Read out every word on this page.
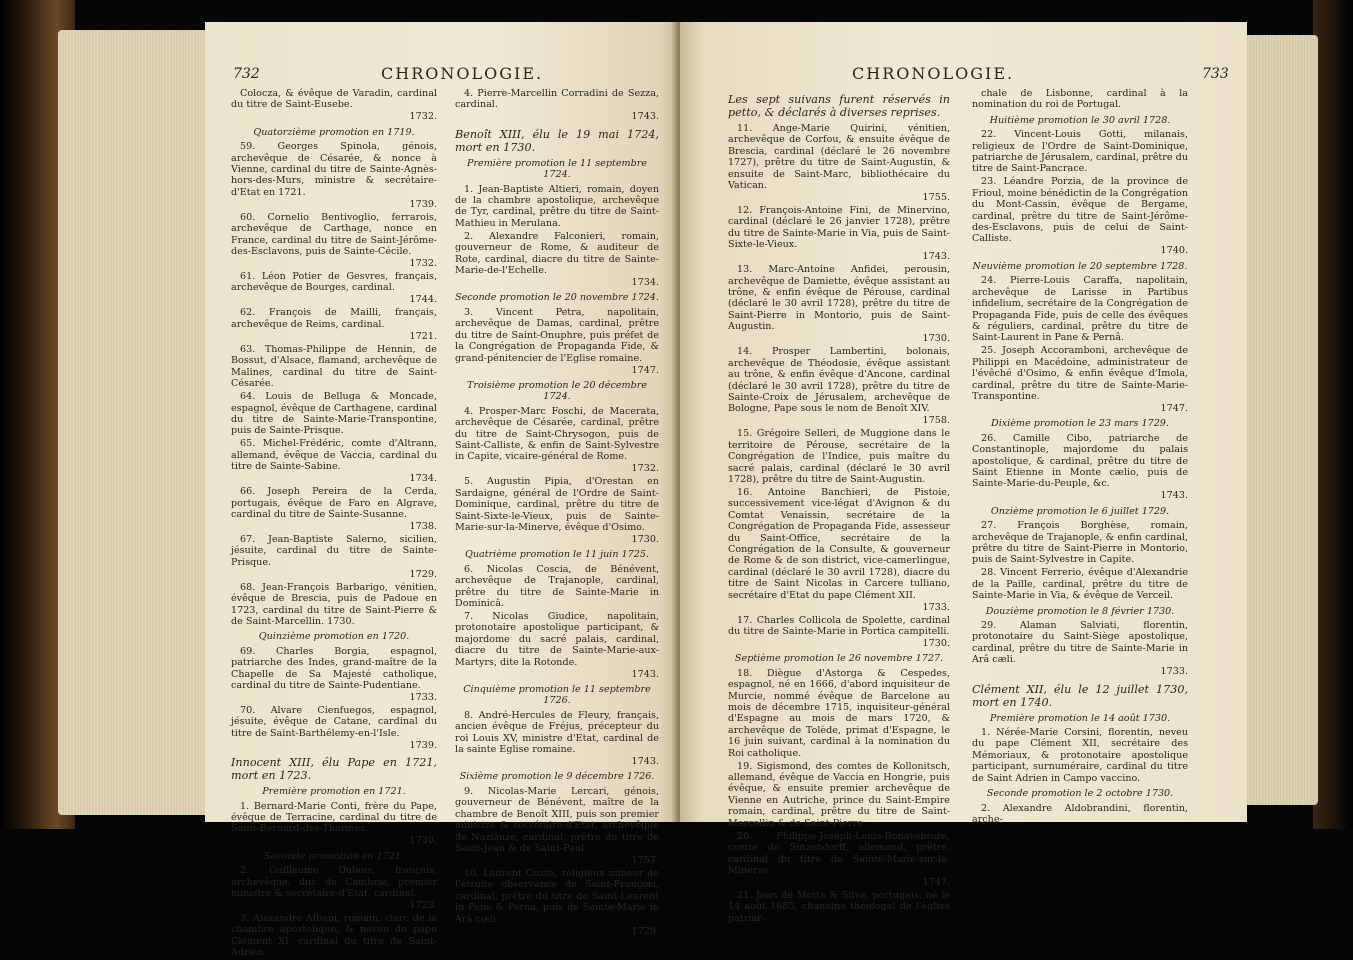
732	CHRONOLOGIE.

Colocza, & évêque de Varadin, cardinal du titre de Saint-Eusebe.

1732.

Quatorzième promotion en 1719.

59. Georges Spinola, génois, archevêque de Césarée, & nonce à Vienne, cardinal du titre de Sainte-Agnès-hors-des-Murs, ministre & secrétaire-d'Etat en 1721.

1739.

60. Cornelio Bentivoglio, ferrarois, archevêque de Carthage, nonce en France, cardinal du titre de Saint-Jérôme-des-Esclavons, puis de Sainte-Cécile.

1732.

61. Léon Potier de Gesvres, français, archevêque de Bourges, cardinal.

1744.

62. François de Mailli, français, archevêque de Reims, cardinal.

1721.

63. Thomas-Philippe de Hennin, de Bossut, d'Alsace, flamand, archevêque de Malines, cardinal du titre de Saint-Césarée.

64. Louis de Belluga & Moncade, espagnol, évêque de Carthagene, cardinal du titre de Sainte-Marie-Transpontine, puis de Sainte-Prisque.

65. Michel-Frédéric, comte d'Altrann, allemand, évêque de Vaccia, cardinal du titre de Sainte-Sabine.

1734.

66. Joseph Pereira de la Cerda, portugais, évêque de Faro en Algrave, cardinal du titre de Sainte-Susanne.

1738.

67. Jean-Baptiste Salerno, sicilien, jésuite, cardinal du titre de Sainte-Prisque.

1729.

68. Jean-François Barbarigo, vénitien, évêque de Brescia, puis de Padoue en 1723, cardinal du titre de Saint-Pierre & de Saint-Marcellin. 1730.

Quinzième promotion en 1720.

69. Charles Borgia, espagnol, patriarche des Indes, grand-maître de la Chapelle de Sa Majesté catholique, cardinal du titre de Sainte-Pudentiane.

1733.

70. Alvare Cienfuegos, espagnol, jésuite, évêque de Catane, cardinal du titre de Saint-Barthélemy-en-l'Isle.

1739.

Innocent XIII, élu Pape en 1721, mort en 1723.

Première promotion en 1721.

1. Bernard-Marie Conti, frère du Pape, évêque de Terracine, cardinal du titre de Saint-Bernard-des-Thermes.

1730.

Seconde promotion en 1721.

2. Guillaume Dubois, français, archevêque, duc de Cambrai, premier ministre & secrétaire-d'Etat, cardinal.

1723.

3. Alexandre Albani, romain, clerc de la chambre apostolique, & neveu du pape Clément XI, cardinal du titre de Saint-Adrien.

4. Pierre-Marcellin Corradini de Sezza, cardinal.

1743.

Benoît XIII, élu le 19 mai 1724, mort en 1730.

Première promotion le 11 septembre 1724.

1. Jean-Baptiste Altieri, romain, doyen de la chambre apostolique, archevêque de Tyr, cardinal, prêtre du titre de Saint-Mathieu in Merulana.

2. Alexandre Falconieri, romain, gouverneur de Rome, & auditeur de Rote, cardinal, diacre du titre de Sainte-Marie-de-l'Echelle.

1734.

Seconde promotion le 20 novembre 1724.

3. Vincent Petra, napolitain, archevêque de Damas, cardinal, prêtre du titre de Saint-Onuphre, puis préfet de la Congrégation de Propaganda Fide, & grand-pénitencier de l'Eglise romaine.

1747.

Troisième promotion le 20 décembre 1724.

4. Prosper-Marc Foschi, de Macerata, archevêque de Césarée, cardinal, prêtre du titre de Saint-Chrysogon, puis de Saint-Calliste, & enfin de Saint-Sylvestre in Capite, vicaire-général de Rome.

1732.

5. Augustin Pipia, d'Orestan en Sardaigne, général de l'Ordre de Saint-Dominique, cardinal, prêtre du titre de Saint-Sixte-le-Vieux, puis de Sainte-Marie-sur-la-Minerve, évêque d'Osimo.

1730.

Quatrième promotion le 11 juin 1725.

6. Nicolas Coscia, de Bénévent, archevêque de Trajanople, cardinal, prêtre du titre de Sainte-Marie in Dominicâ.

7. Nicolas Giudice, napolitain, protonotaire apostolique participant, & majordome du sacré palais, cardinal, diacre du titre de Sainte-Marie-aux-Martyrs, dite la Rotonde.

1743.

Cinquième promotion le 11 septembre 1726.

8. André-Hercules de Fleury, français, ancien évêque de Fréjus, précepteur du roi Louis XV, ministre d'Etat, cardinal de la sainte Eglise romaine.

1743.

Sixième promotion le 9 décembre 1726.

9. Nicolas-Marie Lercari, génois, gouverneur de Bénévent, maître de la chambre de Benoît XIII, puis son premier ministre & secrétaire-d'Etat, archevêque de Nazianze, cardinal, prêtre du titre de Saint-Jean & de Saint-Paul.

1757.

10. Laurent Cozza, religieux mineur de l'étroite observance de Saint-François, cardinal, prêtre du titre de Saint-Laurent in Pane & Perna, puis de Sainte-Marie in Arâ cœli.

1729.

CHRONOLOGIE.	733

Les sept suivans furent réservés in petto, & déclarés à diverses reprises.

11. Ange-Marie Quirini, vénitien, archevêque de Corfou, & ensuite évêque de Brescia, cardinal (déclaré le 26 novembre 1727), prêtre du titre de Saint-Augustin, & ensuite de Saint-Marc, bibliothécaire du Vatican.

1755.

12. François-Antoine Fini, de Minervino, cardinal (déclaré le 26 janvier 1728), prêtre du titre de Sainte-Marie in Via, puis de Saint-Sixte-le-Vieux.

1743.

13. Marc-Antoine Anfidei, perousin, archevêque de Damiette, évêque assistant au trône, & enfin évêque de Pérouse, cardinal (déclaré le 30 avril 1728), prêtre du titre de Saint-Pierre in Montorio, puis de Saint-Augustin.

1730.

14. Prosper Lambertini, bolonais, archevêque de Théodosie, évêque assistant au trône, & enfin évêque d'Ancone, cardinal (déclaré le 30 avril 1728), prêtre du titre de Sainte-Croix de Jérusalem, archevêque de Bologne, Pape sous le nom de Benoît XIV.

1758.

15. Grégoire Selleri, de Muggione dans le territoire de Pérouse, secrétaire de la Congrégation de l'Indice, puis maître du sacré palais, cardinal (déclaré le 30 avril 1728), prêtre du titre de Saint-Augustin.

16. Antoine Banchieri, de Pistoie, successivement vice-légat d'Avignon & du Comtat Venaissin, secrétaire de la Congrégation de Propaganda Fide, assesseur du Saint-Office, secrétaire de la Congrégation de la Consulte, & gouverneur de Rome & de son district, vice-camerlingue, cardinal (déclaré le 30 avril 1728), diacre du titre de Saint Nicolas in Carcere tulliano, secrétaire d'Etat du pape Clément XII.

1733.

17. Charles Collicola de Spolette, cardinal du titre de Sainte-Marie in Portica campitelli.

1730.

Septième promotion le 26 novembre 1727.

18. Diègue d'Astorga & Cespedes, espagnol, né en 1666, d'abord inquisiteur de Murcie, nommé évêque de Barcelone au mois de décembre 1715, inquisiteur-général d'Espagne au mois de mars 1720, & archevêque de Tolède, primat d'Espagne, le 16 juin suivant, cardinal à la nomination du Roi catholique.

19. Sigismond, des comtes de Kollonitsch, allemand, évêque de Vaccia en Hongrie, puis évêque, & ensuite premier archevêque de Vienne en Autriche, prince du Saint-Empire romain, cardinal, prêtre du titre de Saint-Marcellin & de Saint-Pierre.

20. Philippe-Joseph-Louis-Bonaventure, comte de Sinzendorff, allemand, prêtre, cardinal du titre de Sainte-Marie-sur-la-Minerve.

1747.

21. Jean de Motta & Silva, portugais, né le 14 août 1685, chanoine théologal de l'église patriar-

chale de Lisbonne, cardinal à la nomination du roi de Portugal.

Huitième promotion le 30 avril 1728.

22. Vincent-Louis Gotti, milanais, religieux de l'Ordre de Saint-Dominique, patriarche de Jérusalem, cardinal, prêtre du titre de Saint-Pancrace.

23. Léandre Porzia, de la province de Frioul, moine bénédictin de la Congrégation du Mont-Cassin, évêque de Bergame, cardinal, prêtre du titre de Saint-Jérôme-des-Esclavons, puis de celui de Saint-Calliste.

1740.

Neuvième promotion le 20 septembre 1728.

24. Pierre-Louis Caraffa, napolitain, archevêque de Larisse in Partibus infidelium, secrétaire de la Congrégation de Propaganda Fide, puis de celle des évêques & réguliers, cardinal, prêtre du titre de Saint-Laurent in Pane & Pernâ.

25. Joseph Accoramboni, archevêque de Philippi en Macédoine, administrateur de l'évêché d'Osimo, & enfin évêque d'Imola, cardinal, prêtre du titre de Sainte-Marie-Transpontine.

1747.

Dixième promotion le 23 mars 1729.

26. Camille Cibo, patriarche de Constantinople, majordome du palais apostolique, & cardinal, prêtre du titre de Saint Etienne in Monte cælio, puis de Sainte-Marie-du-Peuple, &c.

1743.

Onzième promotion le 6 juillet 1729.

27. François Borghèse, romain, archevêque de Trajanople, & enfin cardinal, prêtre du titre de Saint-Pierre in Montorio, puis de Saint-Sylvestre in Capite.

28. Vincent Ferrerio, évêque d'Alexandrie de la Paille, cardinal, prêtre du titre de Sainte-Marie in Via, & évêque de Verceil.

Douzième promotion le 8 février 1730.

29. Alaman Salviati, florentin, protonotaire du Saint-Siège apostolique, cardinal, prêtre du titre de Sainte-Marie in Arâ cæli.

1733.

Clément XII, élu le 12 juillet 1730, mort en 1740.

Première promotion le 14 août 1730.

1. Nérée-Marie Corsini, florentin, neveu du pape Clément XII, secrétaire des Mémoriaux, & protonotaire apostolique participant, surnuméraire, cardinal du titre de Saint Adrien in Campo vaccino.

Seconde promotion le 2 octobre 1730.

2. Alexandre Aldobrandini, florentin, arche-
